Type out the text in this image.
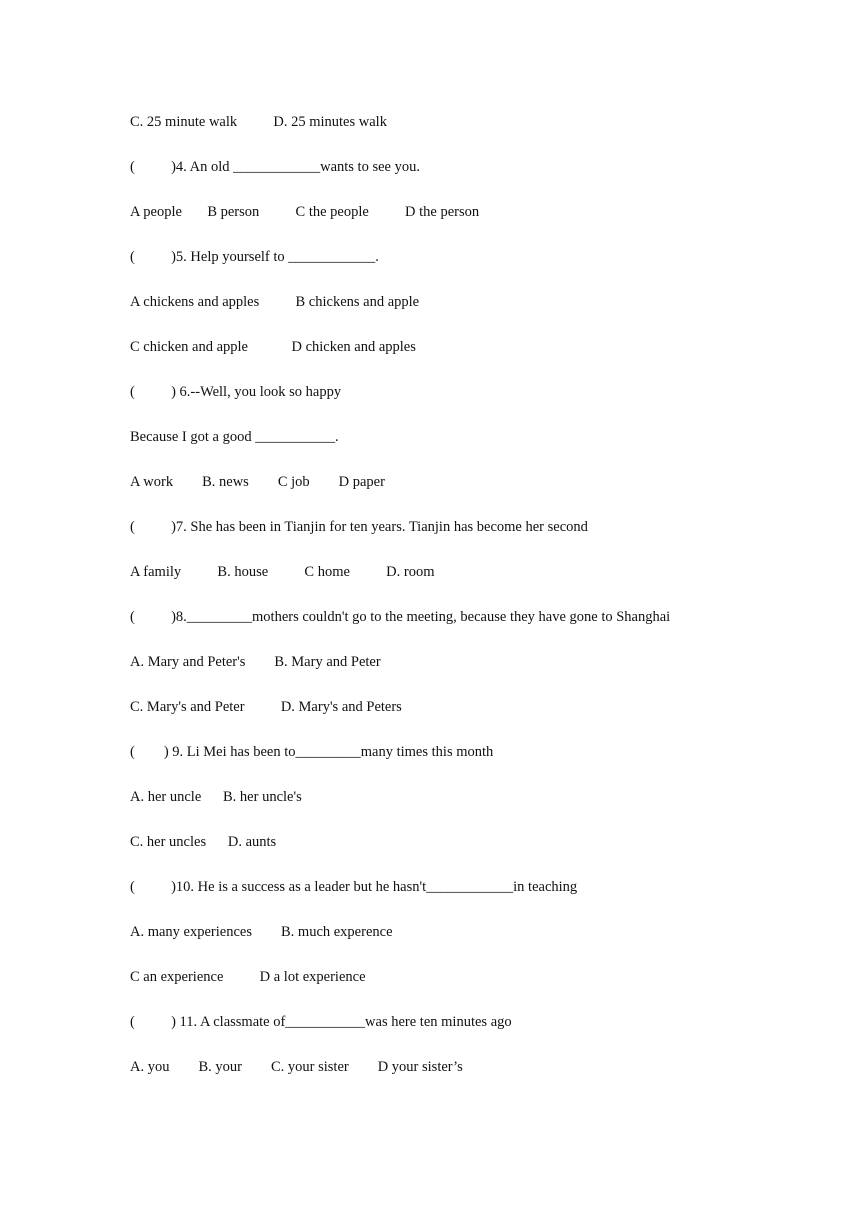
C. 25 minute walk          D. 25 minutes walk
(          )4. An old ____________wants to see you.
A people       B person          C the people          D the person
(          )5. Help yourself to ____________.
A chickens and apples          B chickens and apple
C chicken and apple            D chicken and apples
(          ) 6.--Well, you look so happy
Because I got a good ___________.
A work        B. news        C job        D paper
(          )7. She has been in Tianjin for ten years. Tianjin has become her second
A family          B. house          C home          D. room
(          )8._________mothers couldn't go to the meeting, because they have gone to Shanghai
A. Mary and Peter's        B. Mary and Peter
C. Mary's and Peter          D. Mary's and Peters
(        ) 9. Li Mei has been to_________many times this month
A. her uncle      B. her uncle's
C. her uncles      D. aunts
(          )10. He is a success as a leader but he hasn't____________in teaching
A. many experiences        B. much experence
C an experience          D a lot experience
(          ) 11. A classmate of___________was here ten minutes ago
A. you        B. your        C. your sister        D your sister’s
